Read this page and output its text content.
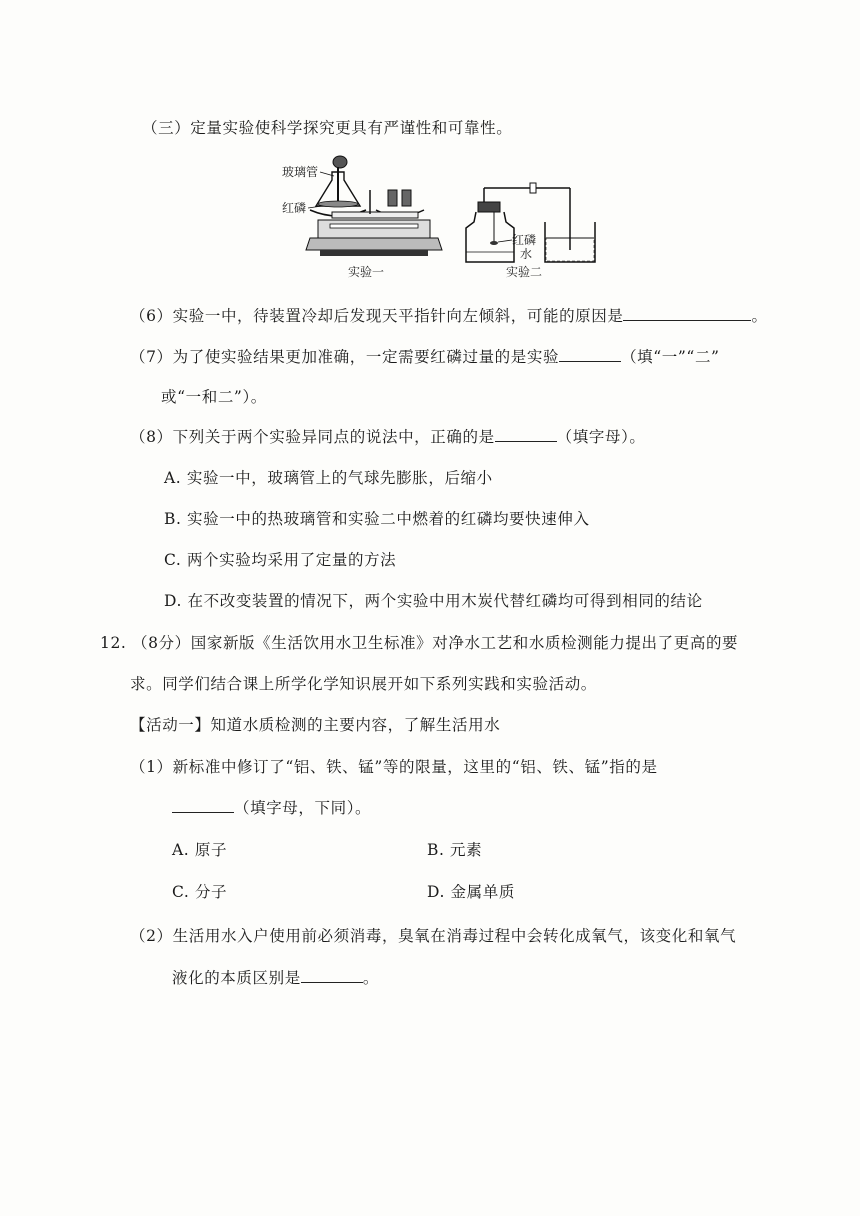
（三）定量实验使科学探究更具有严谨性和可靠性。
玻璃管
红磷
实验一
红磷
水
实验二
（6）实验一中，待装置冷却后发现天平指针向左倾斜，可能的原因是	。
（7）为了使实验结果更加准确，一定需要红磷过量的是实验	（填“一”“二”
或“一和二”）。
（8）下列关于两个实验异同点的说法中，正确的是	（填字母）。
A. 实验一中，玻璃管上的气球先膨胀，后缩小
B. 实验一中的热玻璃管和实验二中燃着的红磷均要快速伸入
C. 两个实验均采用了定量的方法
D. 在不改变装置的情况下，两个实验中用木炭代替红磷均可得到相同的结论
12. （8分）国家新版《生活饮用水卫生标准》对净水工艺和水质检测能力提出了更高的要
求。同学们结合课上所学化学知识展开如下系列实践和实验活动。
【活动一】知道水质检测的主要内容，了解生活用水
（1）新标准中修订了“铝、铁、锰”等的限量，这里的“铝、铁、锰”指的是
（填字母，下同）。
A. 原子	B. 元素
C. 分子	D. 金属单质
（2）生活用水入户使用前必须消毒，臭氧在消毒过程中会转化成氧气，该变化和氧气
液化的本质区别是	。
